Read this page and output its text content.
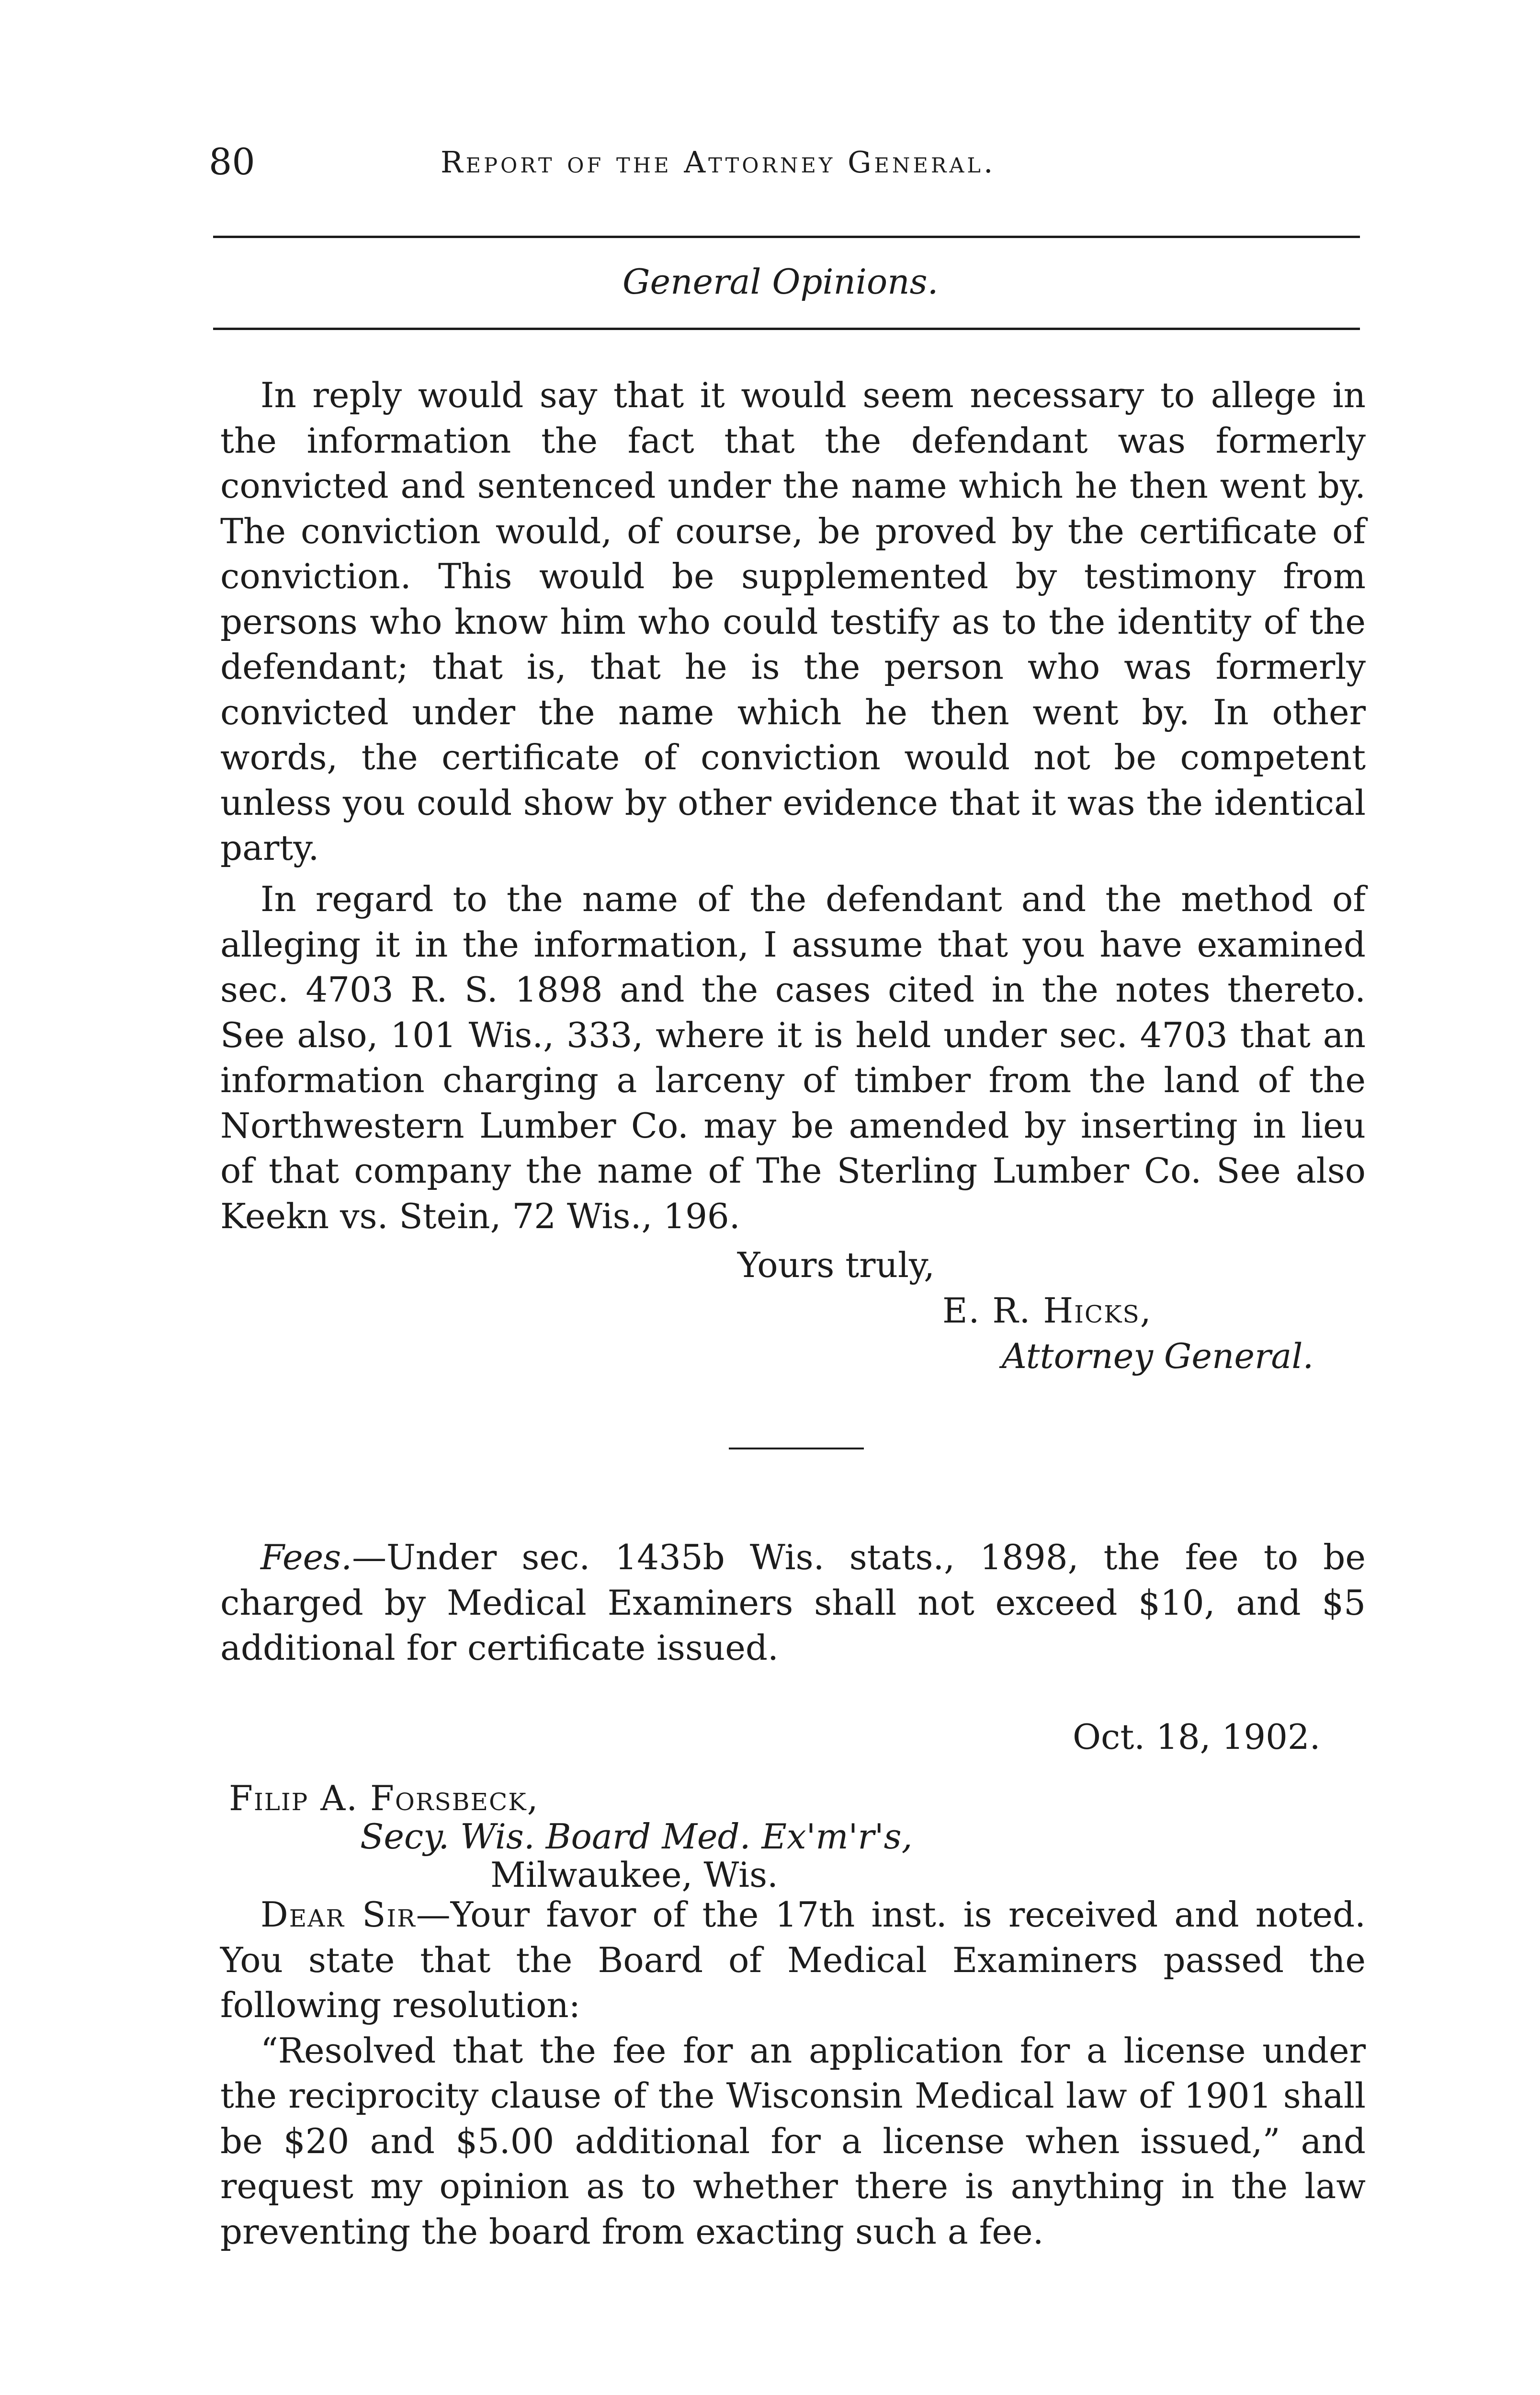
80	Report of the Attorney General.
General Opinions.

In reply would say that it would seem necessary to allege in the information the fact that the defendant was formerly convicted and sentenced under the name which he then went by. The conviction would, of course, be proved by the certificate of conviction. This would be supplemented by testimony from persons who know him who could testify as to the identity of the defendant; that is, that he is the person who was formerly convicted under the name which he then went by. In other words, the certificate of conviction would not be competent unless you could show by other evidence that it was the identical party.

In regard to the name of the defendant and the method of alleging it in the information, I assume that you have examined sec. 4703 R. S. 1898 and the cases cited in the notes thereto. See also, 101 Wis., 333, where it is held under sec. 4703 that an information charging a larceny of timber from the land of the Northwestern Lumber Co. may be amended by inserting in lieu of that company the name of The Sterling Lumber Co. See also Keekn vs. Stein, 72 Wis., 196.

Yours truly,
E. R. Hicks,
Attorney General.

Fees.—Under sec. 1435b Wis. stats., 1898, the fee to be charged by Medical Examiners shall not exceed $10, and $5 additional for certificate issued.

Oct. 18, 1902.
Filip A. Forsbeck,
Secy. Wis. Board Med. Ex'm'r's,
Milwaukee, Wis.

Dear Sir—Your favor of the 17th inst. is received and noted. You state that the Board of Medical Examiners passed the following resolution:

“Resolved that the fee for an application for a license under the reciprocity clause of the Wisconsin Medical law of 1901 shall be $20 and $5.00 additional for a license when issued,” and request my opinion as to whether there is anything in the law preventing the board from exacting such a fee.
